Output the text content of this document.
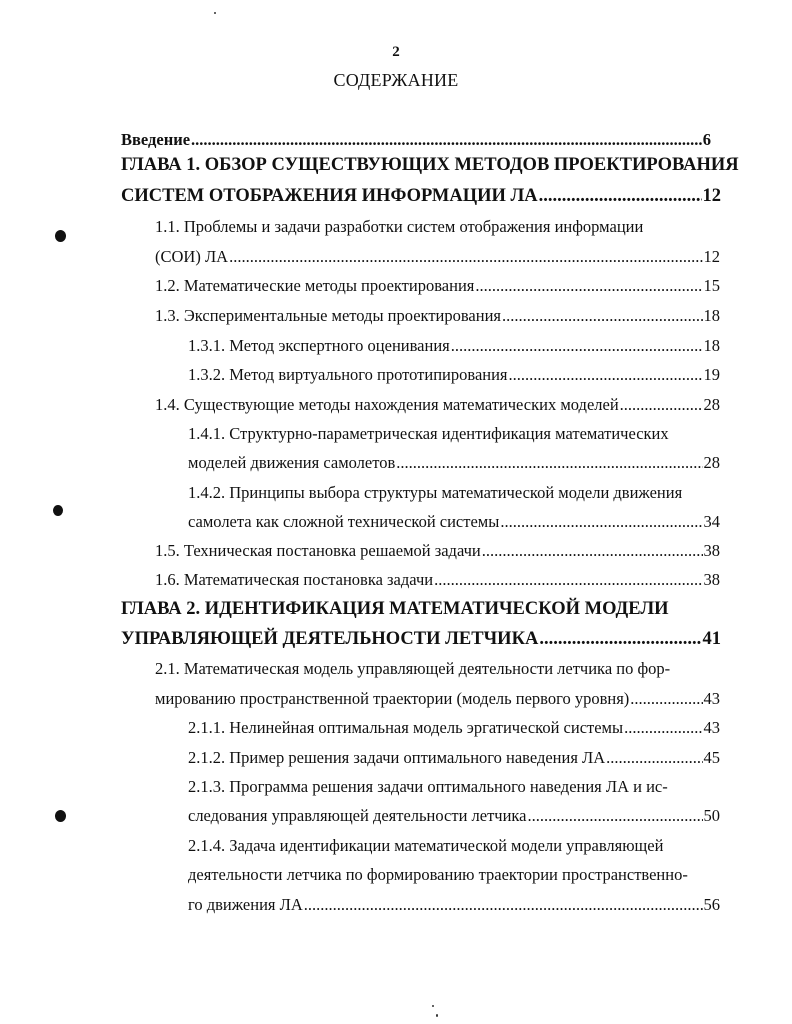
2
СОДЕРЖАНИЕ
Введение .....	6
ГЛАВА 1. ОБЗОР СУЩЕСТВУЮЩИХ МЕТОДОВ ПРОЕКТИРОВАНИЯ
СИСТЕМ ОТОБРАЖЕНИЯ ИНФОРМАЦИИ ЛА .....	12
1.1. Проблемы и задачи разработки систем отображения информации
(СОИ) ЛА .....	12
1.2. Математические методы проектирования .....	15
1.3. Экспериментальные методы проектирования .....	18
1.3.1. Метод экспертного оценивания .....	18
1.3.2. Метод виртуального прототипирования .....	19
1.4. Существующие методы нахождения математических моделей .....	28
1.4.1. Структурно-параметрическая идентификация математических
моделей движения самолетов .....	28
1.4.2. Принципы выбора структуры математической модели движения
самолета как сложной технической системы .....	34
1.5. Техническая постановка решаемой задачи .....	38
1.6. Математическая постановка задачи .....	38
ГЛАВА 2. ИДЕНТИФИКАЦИЯ МАТЕМАТИЧЕСКОЙ МОДЕЛИ
УПРАВЛЯЮЩЕЙ ДЕЯТЕЛЬНОСТИ ЛЕТЧИКА .....	41
2.1. Математическая модель управляющей деятельности летчика по фор-
мированию пространственной траектории (модель первого уровня) .....	43
2.1.1. Нелинейная оптимальная модель эргатической системы .....	43
2.1.2. Пример решения задачи оптимального наведения ЛА .....	45
2.1.3. Программа решения задачи оптимального наведения ЛА и ис-
следования управляющей деятельности летчика .....	50
2.1.4. Задача идентификации математической модели управляющей
деятельности летчика по формированию траектории пространственно-
го движения ЛА .....	56
